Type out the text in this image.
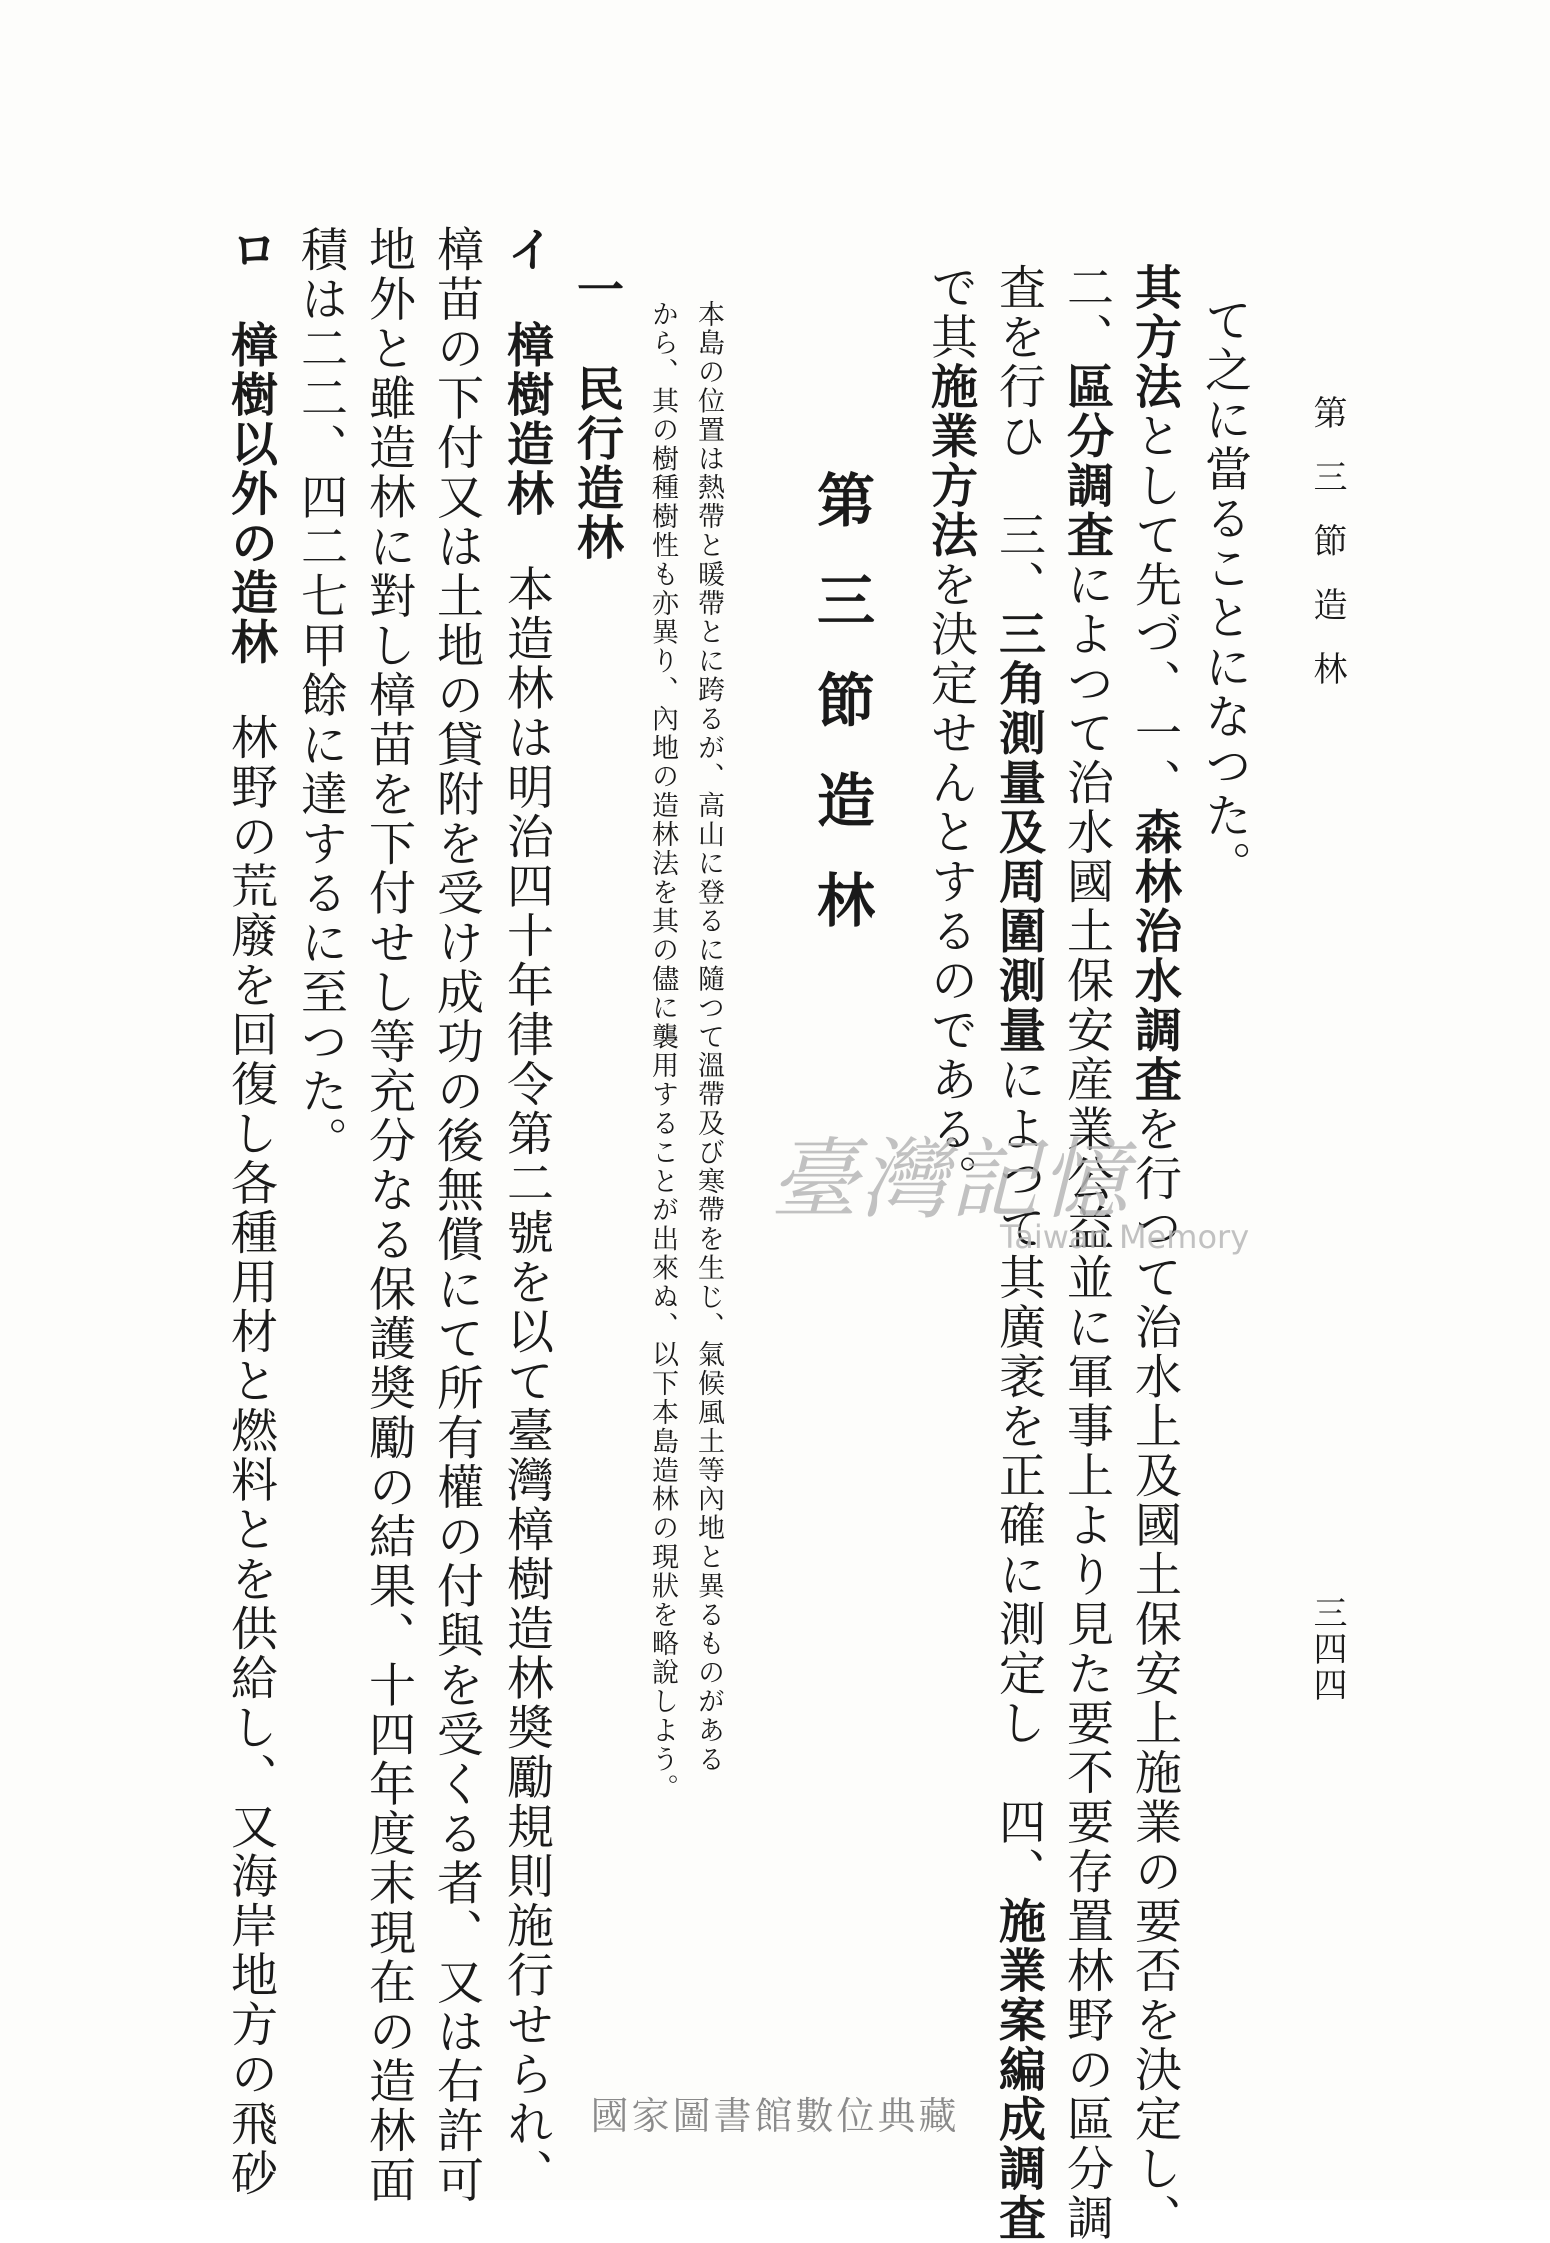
第三節造林
三四四
て之に當ることになつた。
其方法として先づ、一、森林治水調査を行つて治水上及國土保安上施業の要否を決定し、
二、區分調査によつて治水國土保安産業公益並に軍事上より見た要不要存置林野の區分調
査を行ひ　三、三角測量及周圍測量によつて其廣袤を正確に測定し　四、施業案編成調査
で其施業方法を決定せんとするのである。
第三節造林
本島の位置は熱帶と暖帶とに跨るが、高山に登るに隨つて溫帶及び寒帶を生じ、氣候風土等內地と異るものがある
から、其の樹種樹性も亦異り、內地の造林法を其の儘に襲用することが出來ぬ、以下本島造林の現狀を略說しよう。
一民行造林
イ樟樹造林本造林は明治四十年律令第二號を以て臺灣樟樹造林奬勵規則施行せられ、
樟苗の下付又は土地の貸附を受け成功の後無償にて所有權の付與を受くる者、又は右許可
地外と雖造林に對し樟苗を下付せし等充分なる保護奬勵の結果、十四年度末現在の造林面
積は二二、四二七甲餘に達するに至つた。
ロ樟樹以外の造林林野の荒廢を回復し各種用材と燃料とを供給し、又海岸地方の飛砂	臺灣記憶
Taiwan Memory
國家圖書館數位典藏
